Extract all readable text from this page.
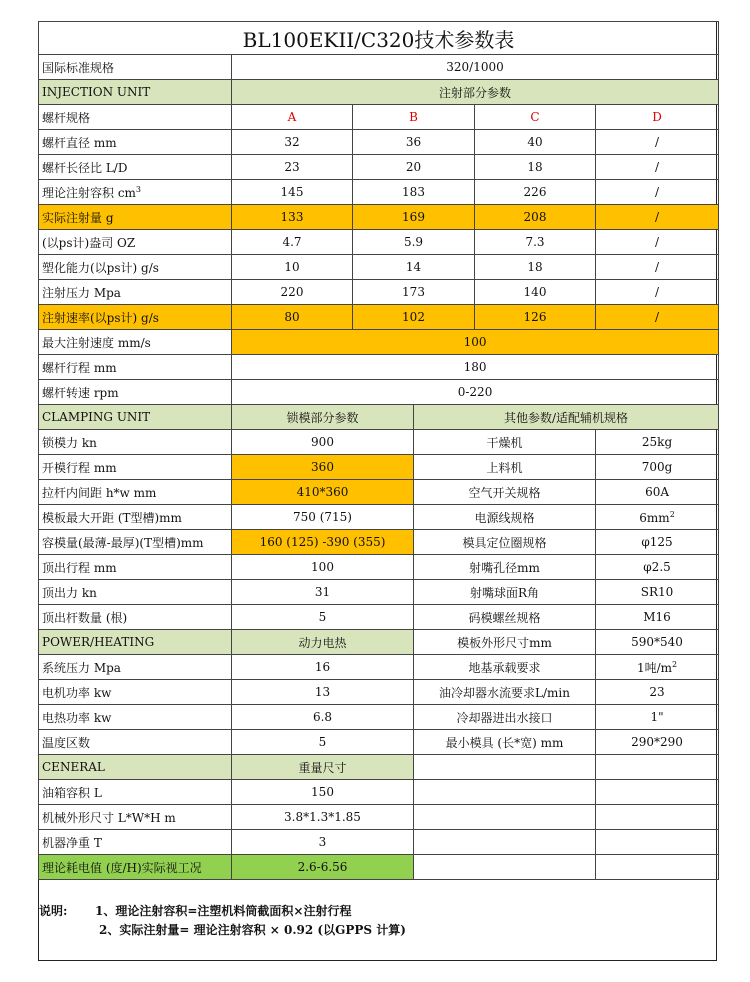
BL100EKII/C320技术参数表					
国际标准规格	320/1000				
INJECTION UNIT	注射部分参数				
螺杆规格	A	B		C	D
螺杆直径 mm	32	36		40	/
螺杆长径比 L/D	23	20		18	/
理论注射容积 $cm^3$	145	183		226	/
实际注射量 g	133	169		208	/
(以ps计)盎司 OZ	4.7	5.9		7.3	/
塑化能力(以ps计) g/s	10	14		18	/
注射压力 Mpa	220	173		140	/
注射速率(以ps计) g/s	80	102		126	/
最大注射速度 mm/s	100				
螺杆行程 mm	180				
螺杆转速 rpm	0-220				
CLAMPING UNIT	锁模部分参数		其他参数/适配辅机规格		
锁模力 kn	900		干燥机		25kg
开模行程 mm	360		上料机		700g
拉杆内间距 h*w mm	410*360		空气开关规格		60A
模板最大开距 (T型槽)mm	750 (715)		电源线规格		$6mm^2$
容模量(最薄-最厚)(T型槽)mm	160 (125) -390 (355)		模具定位圈规格		φ125
顶出行程 mm	100		射嘴孔径mm		φ2.5
顶出力 kn	31		射嘴球面R角		SR10
顶出杆数量 (根)	5		码模螺丝规格		M16
POWER/HEATING	动力电热		模板外形尺寸mm		590*540
系统压力 Mpa	16		地基承载要求		1吨$/m^2$
电机功率 kw	13		油冷却器水流要求L/min		23
电热功率 kw	6.8		冷却器进出水接口		1"
温度区数	5		最小模具 (长*宽) mm		290*290
CENERAL	重量尺寸				
油箱容积 L	150				
机械外形尺寸 L*W*H m	3.8*1.3*1.85				
机器净重 T	3				
理论耗电值 (度/H)实际视工况	2.6-6.56				
说明: 1、理论注射容积=注塑机料筒截面积×注射行程
2、实际注射量= 理论注射容积 × 0.92 (以GPPS 计算)
